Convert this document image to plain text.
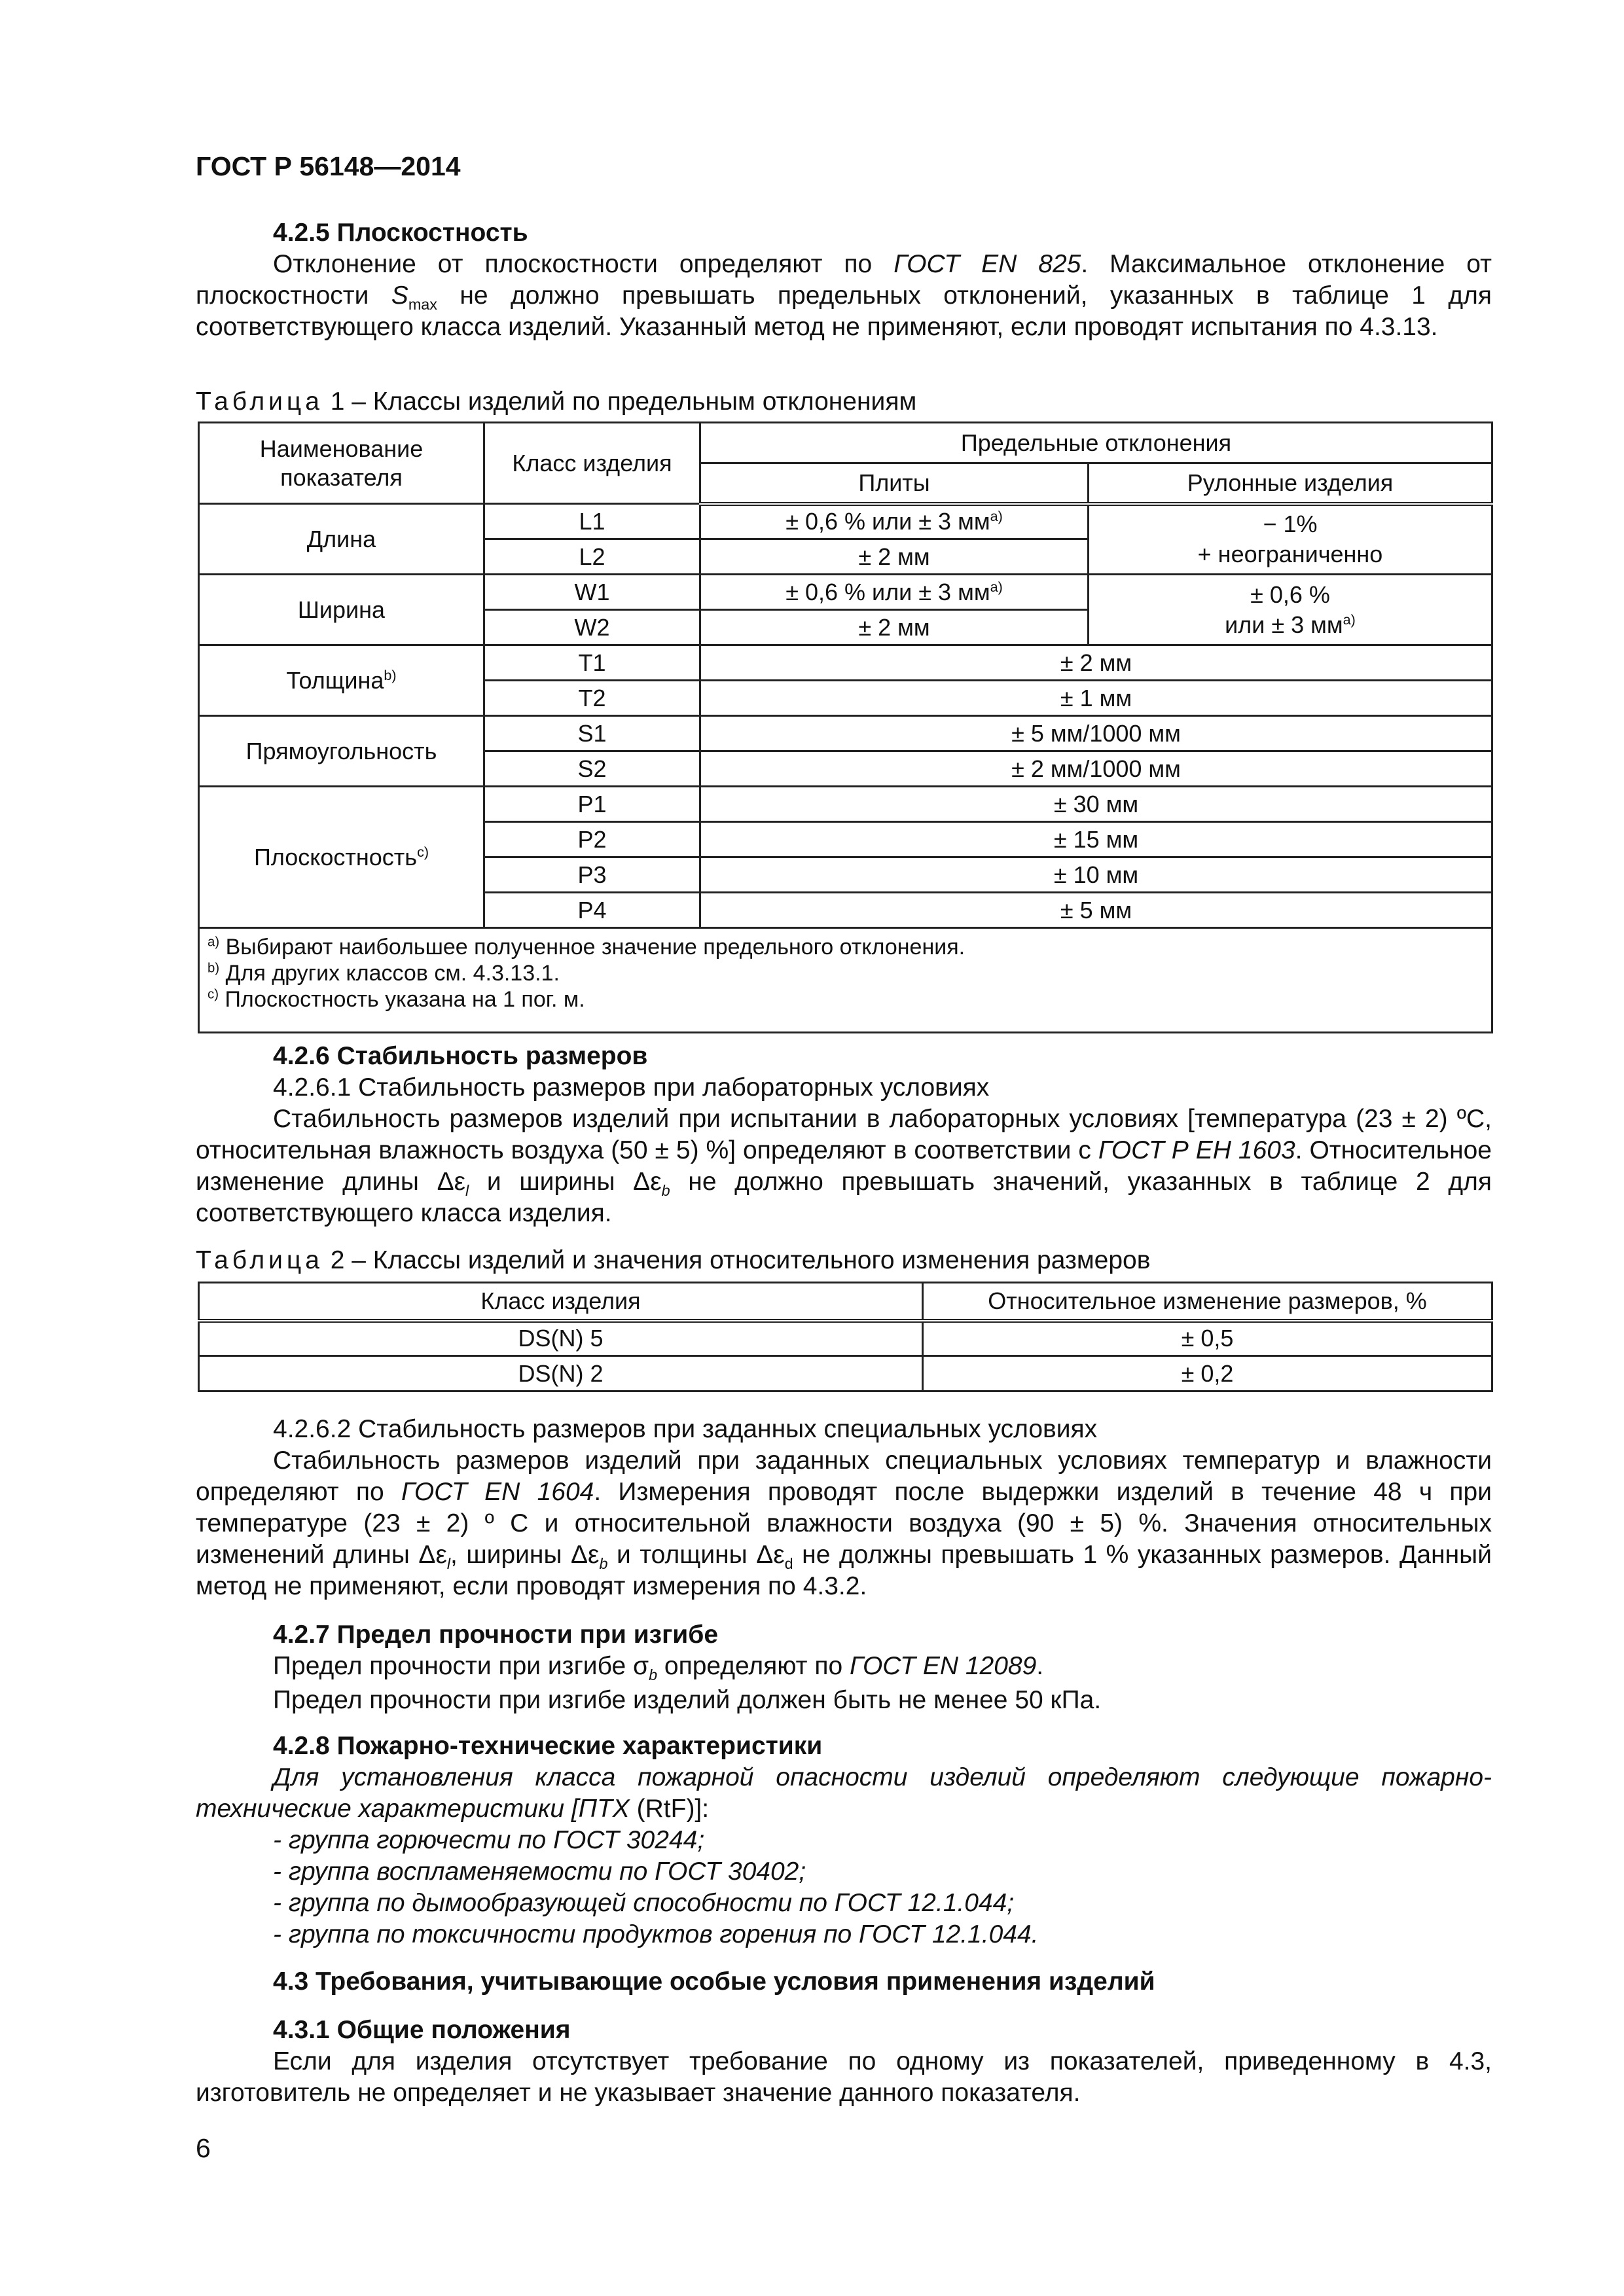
ГОСТ Р 56148—2014
4.2.5 Плоскостность
Отклонение от плоскостности определяют по ГОСТ EN 825. Максимальное отклонение от плоскостности $S_{max}$ не должно превышать предельных отклонений, указанных в таблице 1 для соответствующего класса изделий. Указанный метод не применяют, если проводят испытания по 4.3.13.
Таблица 1 – Классы изделий по предельным отклонениям
Наименование показателя	Класс изделия	Предельные отклонения	
		Плиты	Рулонные изделия
Длина	L1	± 0,6 % или ± 3 $мм^{a)}$	− 1%
+ неограниченно

	L2	± 2 мм	
Ширина	W1	± 0,6 % или ± 3 $мм^{a)}$	± 0,6 %
или ± 3 $мм^{a)}$

	W2	± 2 мм	
Толщина$^{b)}$	T1	± 2 мм	
	T2	± 1 мм	
Прямоугольность	S1	± 5 мм/1000 мм	
	S2	± 2 мм/1000 мм	
Плоскостность$^{c)}$	P1	± 30 мм	
	P2	± 15 мм	
	P3	± 10 мм	
	P4	± 5 мм	

$^{a)}$ Выбирают наибольшее полученное значение предельного отклонения.
$^{b)}$ Для других классов см. 4.3.13.1.
$^{c)}$ Плоскостность указана на 1 пог. м.			
4.2.6 Стабильность размеров
4.2.6.1 Стабильность размеров при лабораторных условиях
Стабильность размеров изделий при испытании в лабораторных условиях [температура (23 ± 2) ºС, относительная влажность воздуха (50 ± 5) %] определяют в соответствии с ГОСТ Р ЕН 1603. Относительное изменение длины $\Delta\varepsilon_l$ и ширины $\Delta\varepsilon_b$ не должно превышать значений, указанных в таблице 2 для соответствующего класса изделия.
Таблица 2 – Классы изделий и значения относительного изменения размеров
Класс изделия	Относительное изменение размеров, %
DS(N) 5	± 0,5
DS(N) 2	± 0,2
4.2.6.2 Стабильность размеров при заданных специальных условиях
Стабильность размеров изделий при заданных специальных условиях температур и влажности определяют по ГОСТ EN 1604. Измерения проводят после выдержки изделий в течение 48 ч при температуре (23 ± 2) º С и относительной влажности воздуха (90 ± 5) %. Значения относительных изменений длины $\Delta\varepsilon_l$, ширины $\Delta\varepsilon_b$ и толщины $\Delta\varepsilon_d$ не должны превышать 1 % указанных размеров. Данный метод не применяют, если проводят измерения по 4.3.2.
4.2.7 Предел прочности при изгибе
Предел прочности при изгибе $\sigma_b$ определяют по ГОСТ EN 12089.
Предел прочности при изгибе изделий должен быть не менее 50 кПа.
4.2.8 Пожарно-технические характеристики
Для установления класса пожарной опасности изделий определяют следующие пожарно-технические характеристики [ПТХ (RtF)]:
- группа горючести по ГОСТ 30244;
- группа воспламеняемости по ГОСТ 30402;
- группа по дымообразующей способности по ГОСТ 12.1.044;
- группа по токсичности продуктов горения по ГОСТ 12.1.044.
4.3 Требования, учитывающие особые условия применения изделий
4.3.1 Общие положения
Если для изделия отсутствует требование по одному из показателей, приведенному в 4.3, изготовитель не определяет и не указывает значение данного показателя.
6
